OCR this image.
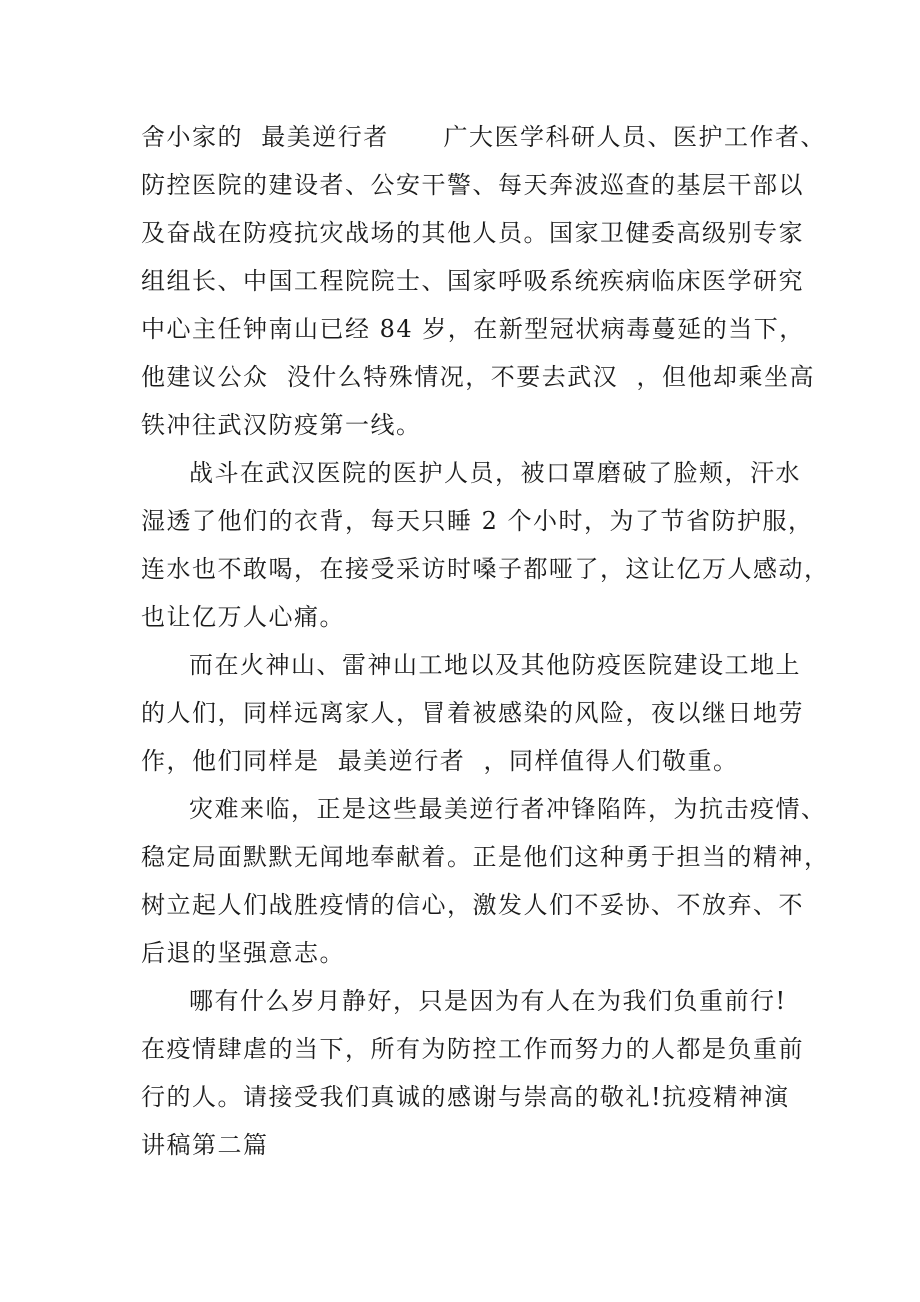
舍小家的  最美逆行者      广大医学科研人员、医护工作者、
防控医院的建设者、公安干警、每天奔波巡查的基层干部以
及奋战在防疫抗灾战场的其他人员。国家卫健委高级别专家
组组长、中国工程院院士、国家呼吸系统疾病临床医学研究
中心主任钟南山已经 84 岁，在新型冠状病毒蔓延的当下，
他建议公众  没什么特殊情况，不要去武汉  ，但他却乘坐高
铁冲往武汉防疫第一线。
战斗在武汉医院的医护人员，被口罩磨破了脸颊，汗水
湿透了他们的衣背，每天只睡 2 个小时，为了节省防护服，
连水也不敢喝，在接受采访时嗓子都哑了，这让亿万人感动，
也让亿万人心痛。
而在火神山、雷神山工地以及其他防疫医院建设工地上
的人们，同样远离家人，冒着被感染的风险，夜以继日地劳
作，他们同样是  最美逆行者  ，同样值得人们敬重。
灾难来临，正是这些最美逆行者冲锋陷阵，为抗击疫情、
稳定局面默默无闻地奉献着。正是他们这种勇于担当的精神，
树立起人们战胜疫情的信心，激发人们不妥协、不放弃、不
后退的坚强意志。
哪有什么岁月静好，只是因为有人在为我们负重前行!
在疫情肆虐的当下，所有为防控工作而努力的人都是负重前
行的人。请接受我们真诚的感谢与崇高的敬礼!抗疫精神演
讲稿第二篇
